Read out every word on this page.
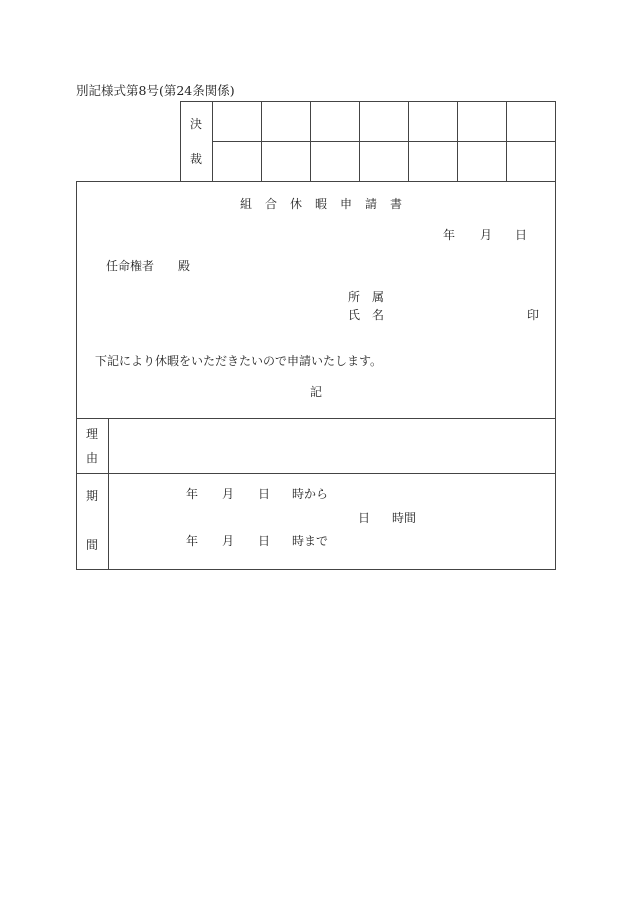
別記様式第8号(第24条関係)
決
裁
組合休暇申請書
年 月 日
任命権者 殿
所　属
氏　名	印
下記により休暇をいただきたいので申請いたします。
記
理
由
期
間
年 月 日 時から
日 時間
年 月 日 時まで
